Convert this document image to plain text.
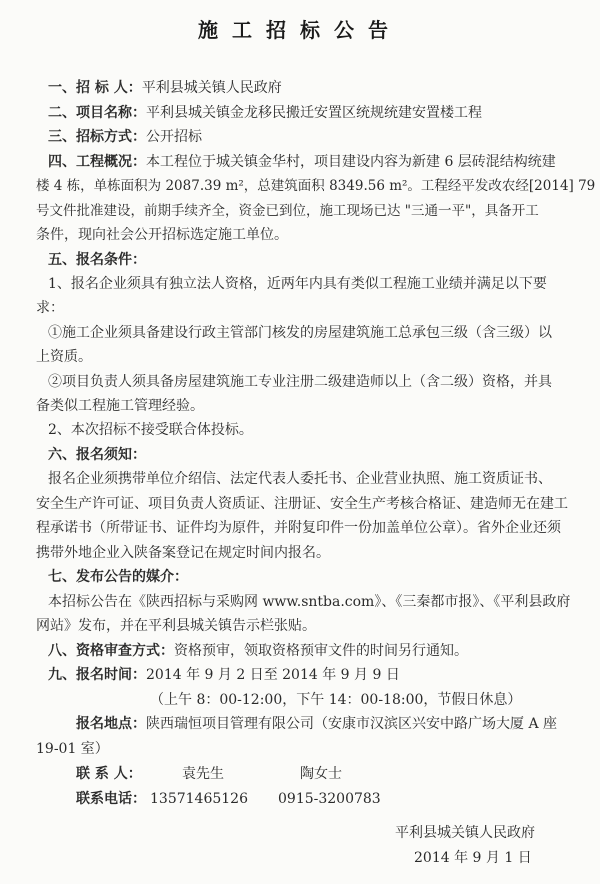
施工招标公告
一、招 标 人：平利县城关镇人民政府
二、项目名称：平利县城关镇金龙移民搬迁安置区统规统建安置楼工程
三、招标方式：公开招标
四、工程概况：本工程位于城关镇金华村，项目建设内容为新建 6 层砖混结构统建
楼 4 栋，单栋面积为 2087.39 m²，总建筑面积 8349.56 m²。工程经平发改农经[2014] 79
号文件批准建设，前期手续齐全，资金已到位，施工现场已达 "三通一平"，具备开工
条件，现向社会公开招标选定施工单位。
五、报名条件：
1、报名企业须具有独立法人资格，近两年内具有类似工程施工业绩并满足以下要
求：
①施工企业须具备建设行政主管部门核发的房屋建筑施工总承包三级（含三级）以
上资质。
②项目负责人须具备房屋建筑施工专业注册二级建造师以上（含二级）资格，并具
备类似工程施工管理经验。
2、本次招标不接受联合体投标。
六、报名须知：
报名企业须携带单位介绍信、法定代表人委托书、企业营业执照、施工资质证书、
安全生产许可证、项目负责人资质证、注册证、安全生产考核合格证、建造师无在建工
程承诺书（所带证书、证件均为原件，并附复印件一份加盖单位公章）。省外企业还须
携带外地企业入陕备案登记在规定时间内报名。
七、发布公告的媒介：
本招标公告在《陕西招标与采购网 www.sntba.com》、《三秦都市报》、《平利县政府
网站》发布，并在平利县城关镇告示栏张贴。
八、资格审查方式：资格预审，领取资格预审文件的时间另行通知。
九、报名时间：2014 年 9 月 2 日至 2014 年 9 月 9 日
（上午 8：00-12:00，下午 14：00-18:00，节假日休息）
报名地点：陕西瑞恒项目管理有限公司（安康市汉滨区兴安中路广场大厦 A 座
19-01 室）
联 系 人：	袁先生	陶女士
联系电话： 13571465126 0915-3200783
平利县城关镇人民政府
2014 年 9 月 1 日
